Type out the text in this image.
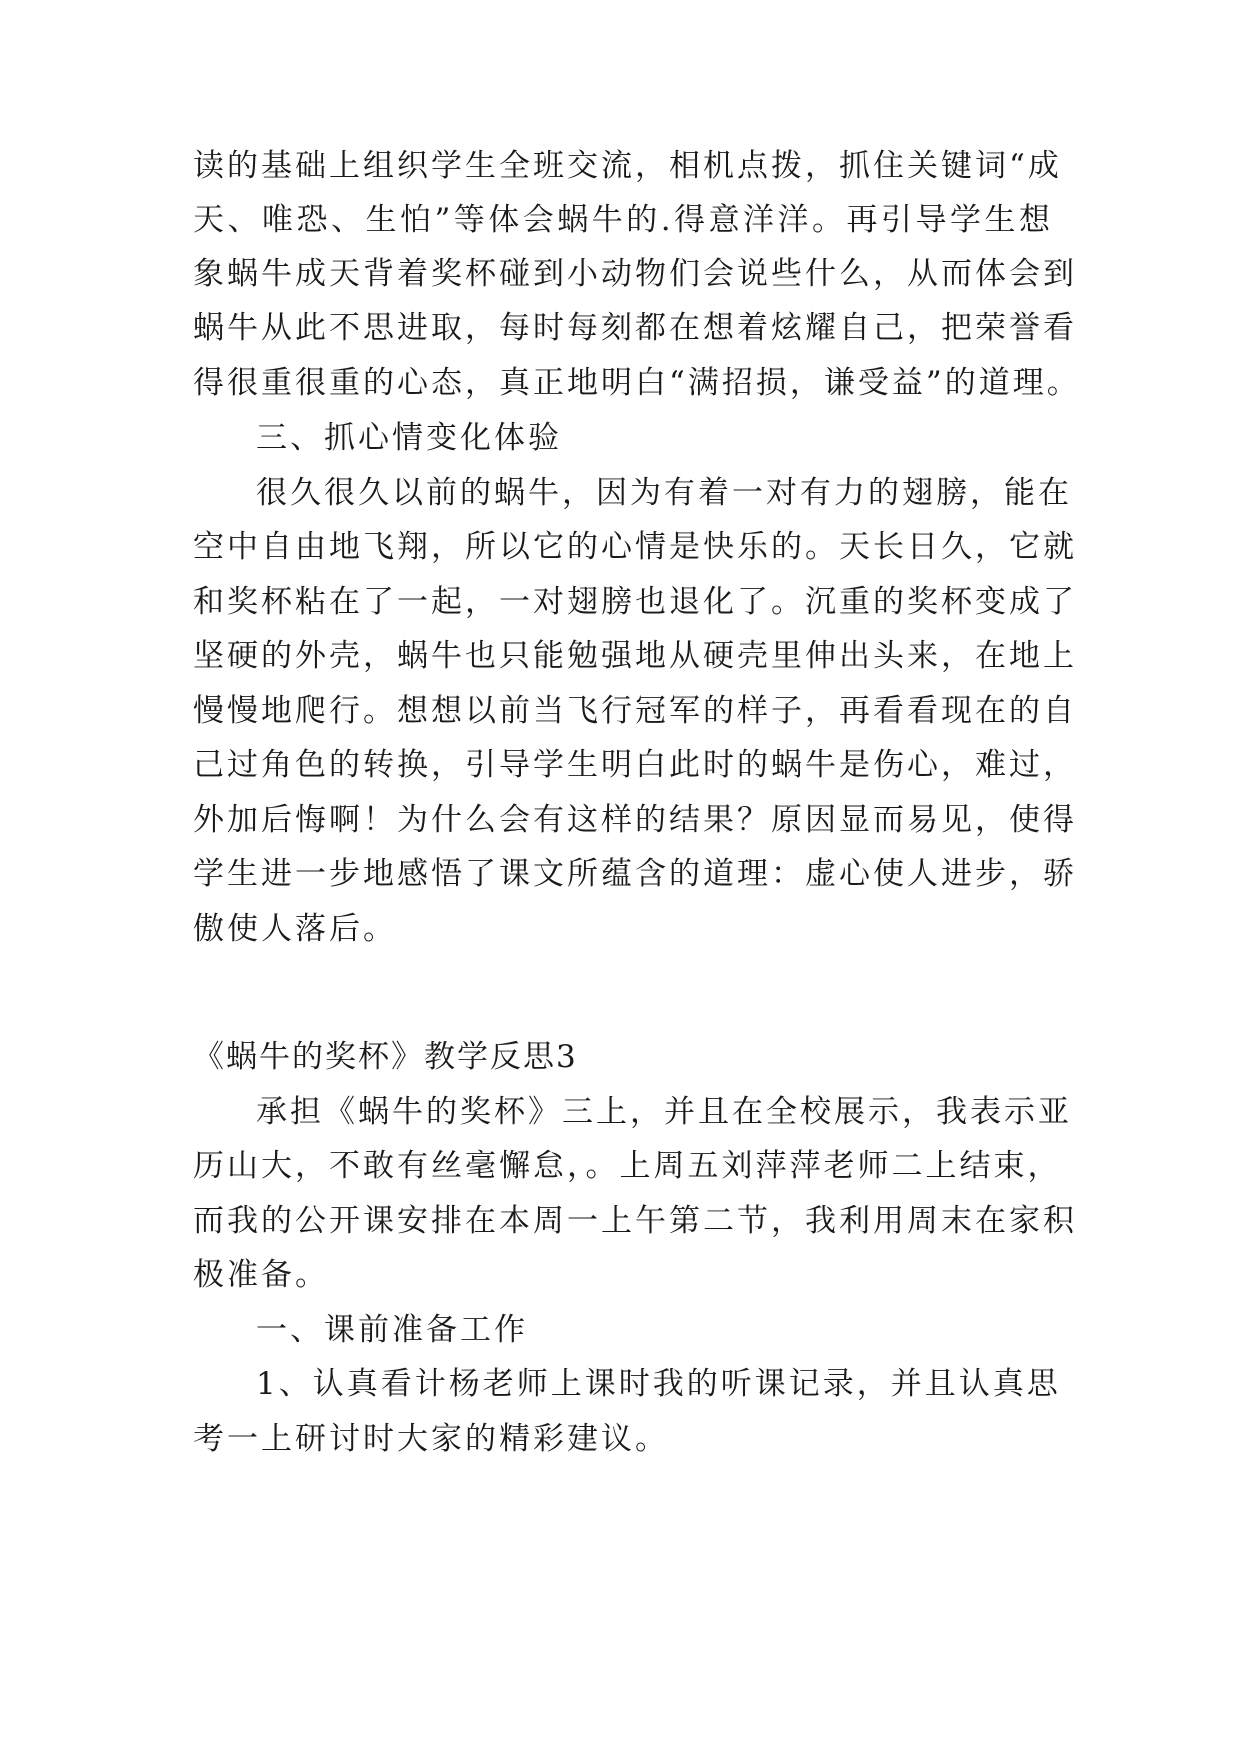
读的基础上组织学生全班交流，相机点拨，抓住关键词“成
天、唯恐、生怕”等体会蜗牛的.得意洋洋。再引导学生想
象蜗牛成天背着奖杯碰到小动物们会说些什么，从而体会到
蜗牛从此不思进取，每时每刻都在想着炫耀自己，把荣誉看
得很重很重的心态，真正地明白“满招损，谦受益”的道理。
三、抓心情变化体验
很久很久以前的蜗牛，因为有着一对有力的翅膀，能在
空中自由地飞翔，所以它的心情是快乐的。天长日久，它就
和奖杯粘在了一起，一对翅膀也退化了。沉重的奖杯变成了
坚硬的外壳，蜗牛也只能勉强地从硬壳里伸出头来，在地上
慢慢地爬行。想想以前当飞行冠军的样子，再看看现在的自
己过角色的转换，引导学生明白此时的蜗牛是伤心，难过，
外加后悔啊！为什么会有这样的结果？原因显而易见，使得
学生进一步地感悟了课文所蕴含的道理：虚心使人进步，骄
傲使人落后。
《蜗牛的奖杯》教学反思3
承担《蜗牛的奖杯》三上，并且在全校展示，我表示亚
历山大，不敢有丝毫懈怠，。上周五刘萍萍老师二上结束，
而我的公开课安排在本周一上午第二节，我利用周末在家积
极准备。
一、课前准备工作
1、认真看计杨老师上课时我的听课记录，并且认真思
考一上研讨时大家的精彩建议。
